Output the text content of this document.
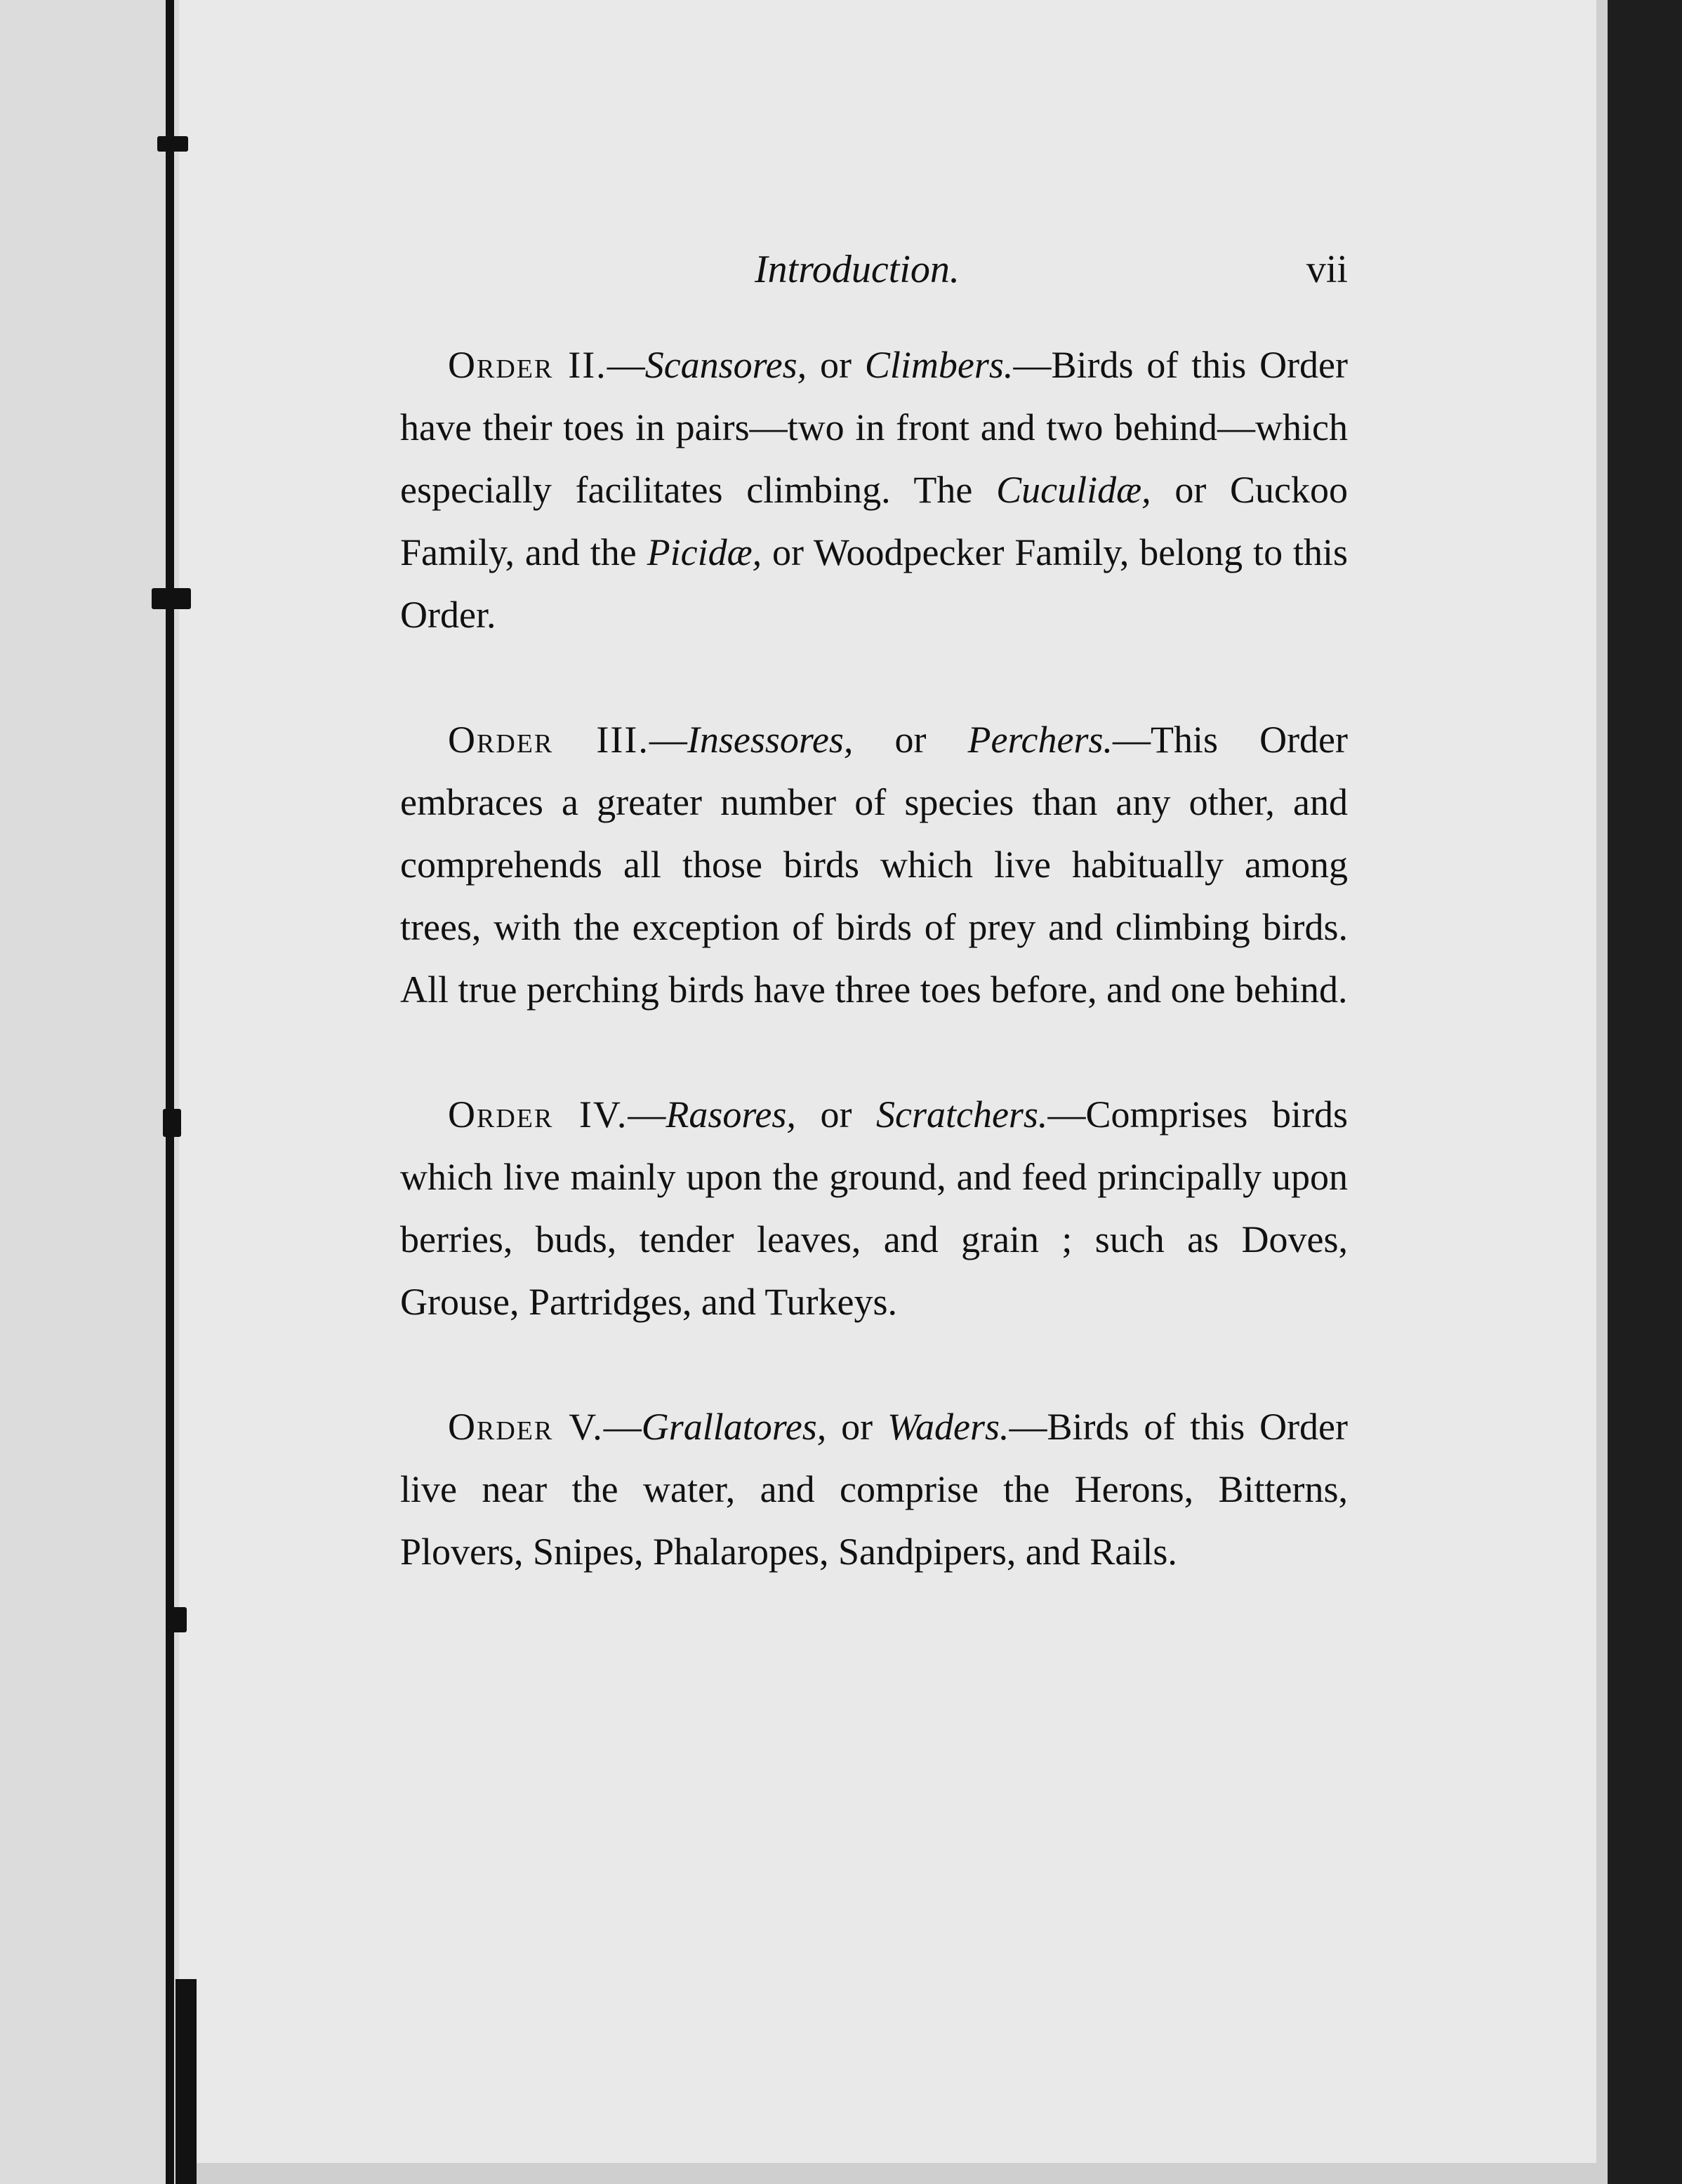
Introduction.	vii

Order II.—Scansores, or Climbers.—Birds of this Order have their toes in pairs—two in front and two behind—which especially facilitates climbing. The Cuculidæ, or Cuckoo Family, and the Picidæ, or Woodpecker Family, belong to this Order.

Order III.—Insessores, or Perchers.—This Order embraces a greater number of species than any other, and comprehends all those birds which live habitually among trees, with the exception of birds of prey and climbing birds. All true perching birds have three toes before, and one behind.

Order IV.—Rasores, or Scratchers.—Comprises birds which live mainly upon the ground, and feed principally upon berries, buds, tender leaves, and grain ; such as Doves, Grouse, Partridges, and Turkeys.

Order V.—Grallatores, or Waders.—Birds of this Order live near the water, and comprise the Herons, Bitterns, Plovers, Snipes, Phalaropes, Sandpipers, and Rails.
